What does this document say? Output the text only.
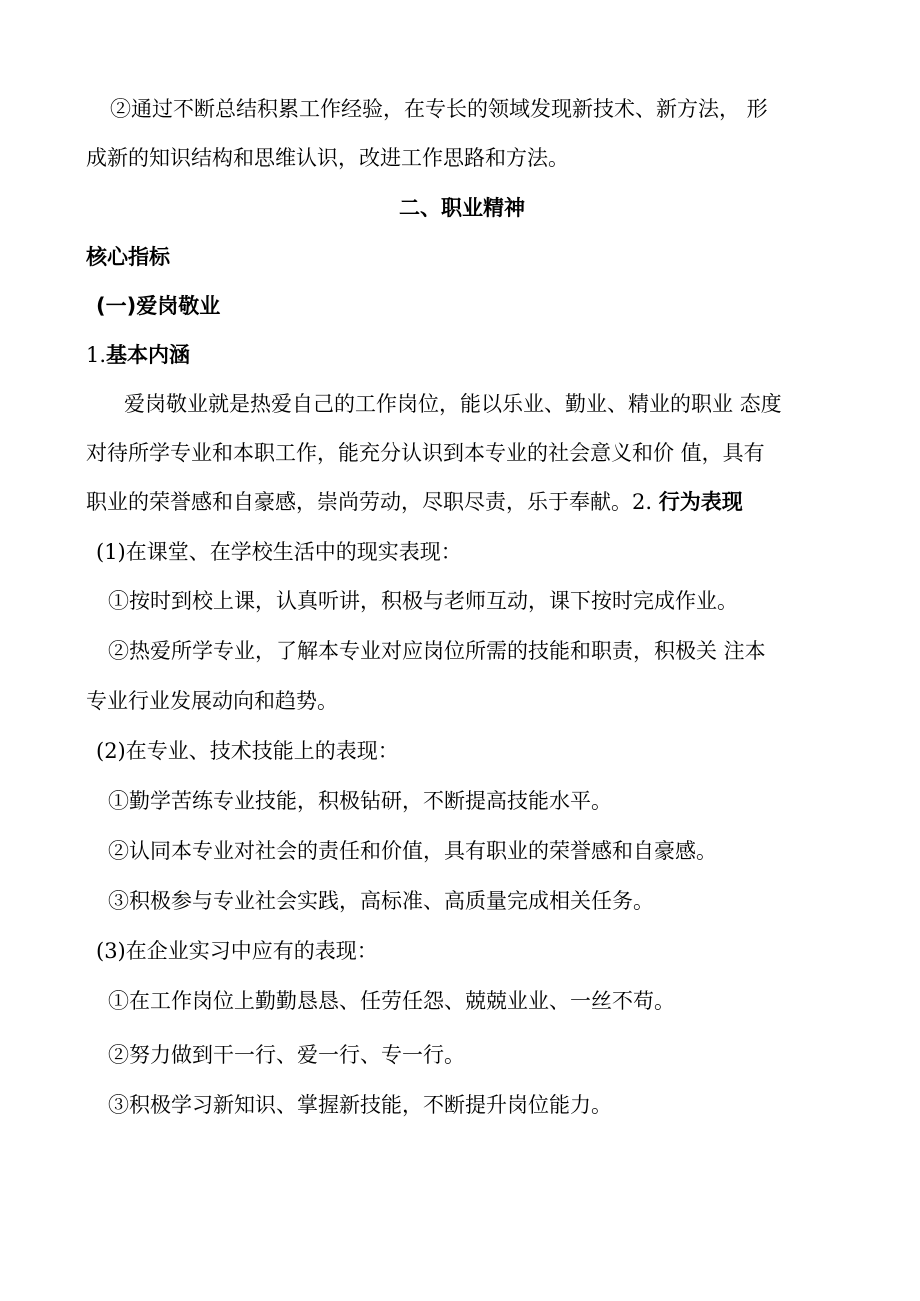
②通过不断总结积累工作经验，在专长的领域发现新技术、新方法， 形
成新的知识结构和思维认识，改进工作思路和方法。
二、职业精神
核心指标
(一)爱岗敬业
1.基本内涵
爱岗敬业就是热爱自己的工作岗位，能以乐业、勤业、精业的职业 态度
对待所学专业和本职工作，能充分认识到本专业的社会意义和价 值，具有
职业的荣誉感和自豪感，崇尚劳动，尽职尽责，乐于奉献。2. 行为表现
(1)在课堂、在学校生活中的现实表现：
①按时到校上课，认真听讲，积极与老师互动，课下按时完成作业。
②热爱所学专业，了解本专业对应岗位所需的技能和职责，积极关 注本
专业行业发展动向和趋势。
(2)在专业、技术技能上的表现：
①勤学苦练专业技能，积极钻研，不断提高技能水平。
②认同本专业对社会的责任和价值，具有职业的荣誉感和自豪感。
③积极参与专业社会实践，高标准、高质量完成相关任务。
(3)在企业实习中应有的表现：
①在工作岗位上勤勤恳恳、任劳任怨、兢兢业业、一丝不苟。
②努力做到干一行、爱一行、专一行。
③积极学习新知识、掌握新技能，不断提升岗位能力。
